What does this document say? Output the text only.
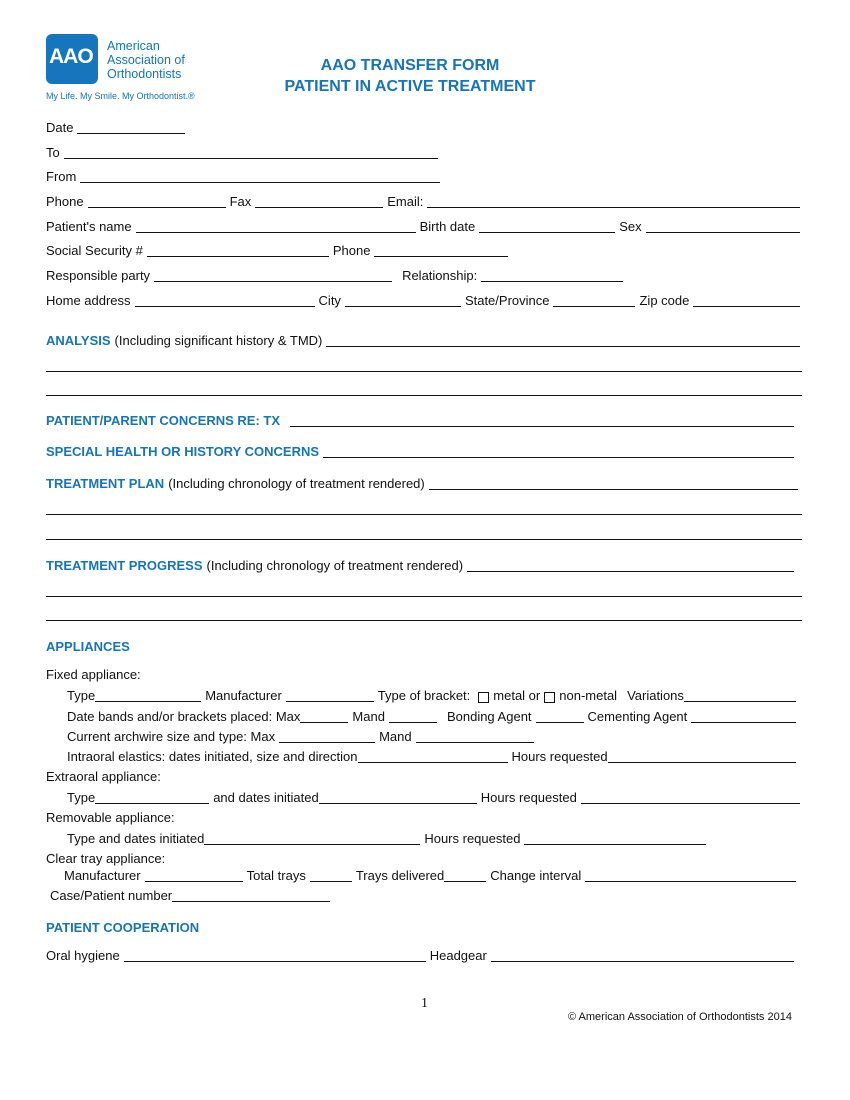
AAO American
Association of
Orthodontists
My Life. My Smile. My Orthodontist.®
AAO TRANSFER FORM
PATIENT IN ACTIVE TREATMENT
Date
To
From
Phone	Fax	Email:
Patient's name	Birth date	Sex
Social Security #	Phone
Responsible party	Relationship:
Home address	City	State/Province	Zip code
ANALYSIS (Including significant history & TMD)
PATIENT/PARENT CONCERNS RE: TX
SPECIAL HEALTH OR HISTORY CONCERNS
TREATMENT PLAN (Including chronology of treatment rendered)
TREATMENT PROGRESS (Including chronology of treatment rendered)
APPLIANCES
Fixed appliance:
Type	Manufacturer	Type of bracket: metal or non-metal Variations
Date bands and/or brackets placed: Max	Mand	Bonding Agent	Cementing Agent
Current archwire size and type: Max	Mand
Intraoral elastics: dates initiated, size and direction	Hours requested
Extraoral appliance:
Type	and dates initiated	Hours requested
Removable appliance:
Type and dates initiated	Hours requested
Clear tray appliance:
Manufacturer	Total trays	Trays delivered	Change interval
Case/Patient number
PATIENT COOPERATION
Oral hygiene	Headgear
1
© American Association of Orthodontists 2014
